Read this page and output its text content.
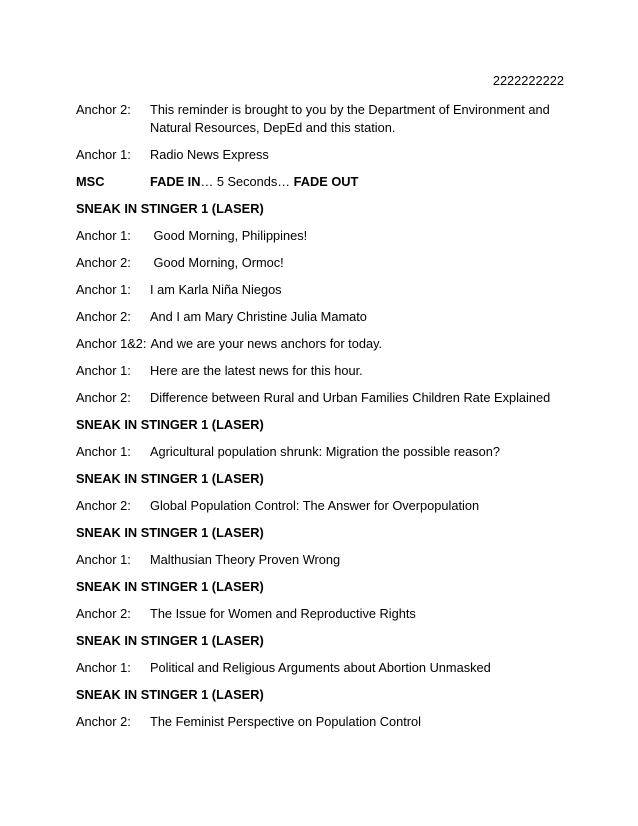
2222222222
Anchor 2:	This reminder is brought to you by the Department of Environment and Natural Resources, DepEd and this station.
Anchor 1:	Radio News Express
MSC	FADE IN… 5 Seconds… FADE OUT
SNEAK IN STINGER 1 (LASER)
Anchor 1:	Good Morning, Philippines!
Anchor 2:	Good Morning, Ormoc!
Anchor 1:	I am Karla Niña Niegos
Anchor 2:	And I am Mary Christine Julia Mamato
Anchor 1&2: And we are your news anchors for today.
Anchor 1:	Here are the latest news for this hour.
Anchor 2:	Difference between Rural and Urban Families Children Rate Explained
SNEAK IN STINGER 1 (LASER)
Anchor 1:	Agricultural population shrunk: Migration the possible reason?
SNEAK IN STINGER 1 (LASER)
Anchor 2:	Global Population Control: The Answer for Overpopulation
SNEAK IN STINGER 1 (LASER)
Anchor 1:	Malthusian Theory Proven Wrong
SNEAK IN STINGER 1 (LASER)
Anchor 2:	The Issue for Women and Reproductive Rights
SNEAK IN STINGER 1 (LASER)
Anchor 1:	Political and Religious Arguments about Abortion Unmasked
SNEAK IN STINGER 1 (LASER)
Anchor 2:	The Feminist Perspective on Population Control
